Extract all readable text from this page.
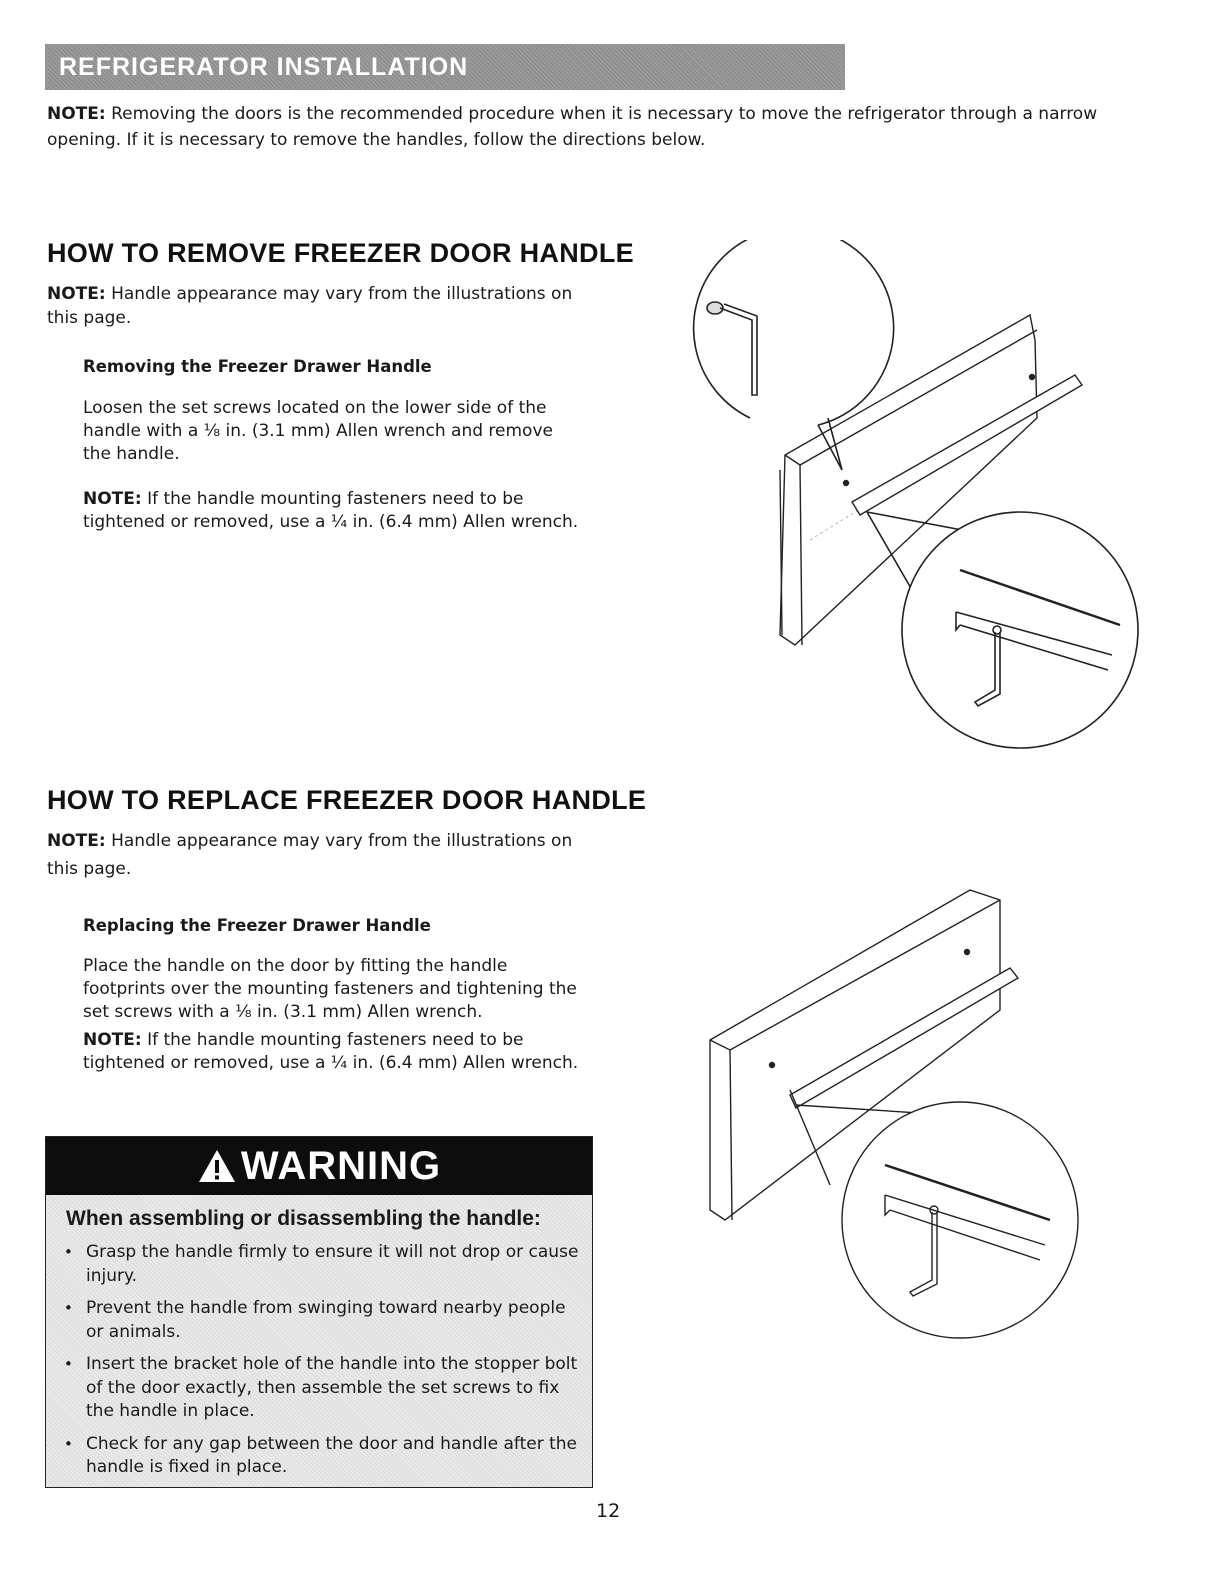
REFRIGERATOR INSTALLATION
NOTE: Removing the doors is the recommended procedure when it is necessary to move the refrigerator through a narrow opening. If it is necessary to remove the handles, follow the directions below.
HOW TO REMOVE FREEZER DOOR HANDLE
NOTE: Handle appearance may vary from the illustrations on this page.
Removing the Freezer Drawer Handle
Loosen the set screws located on the lower side of the handle with a ⅛ in. (3.1 mm) Allen wrench and remove the handle.
NOTE: If the handle mounting fasteners need to be tightened or removed, use a ¼ in. (6.4 mm) Allen wrench.
HOW TO REPLACE FREEZER DOOR HANDLE
NOTE: Handle appearance may vary from the illustrations on this page.
Replacing the Freezer Drawer Handle
Place the handle on the door by fitting the handle footprints over the mounting fasteners and tightening the set screws with a ⅛ in. (3.1 mm) Allen wrench.
NOTE: If the handle mounting fasteners need to be tightened or removed, use a ¼ in. (6.4 mm) Allen wrench.
WARNING
When assembling or disassembling the handle:
• Grasp the handle firmly to ensure it will not drop or cause injury.
• Prevent the handle from swinging toward nearby people or animals.
• Insert the bracket hole of the handle into the stopper bolt of the door exactly, then assemble the set screws to fix the handle in place.
• Check for any gap between the door and handle after the handle is fixed in place.
12
